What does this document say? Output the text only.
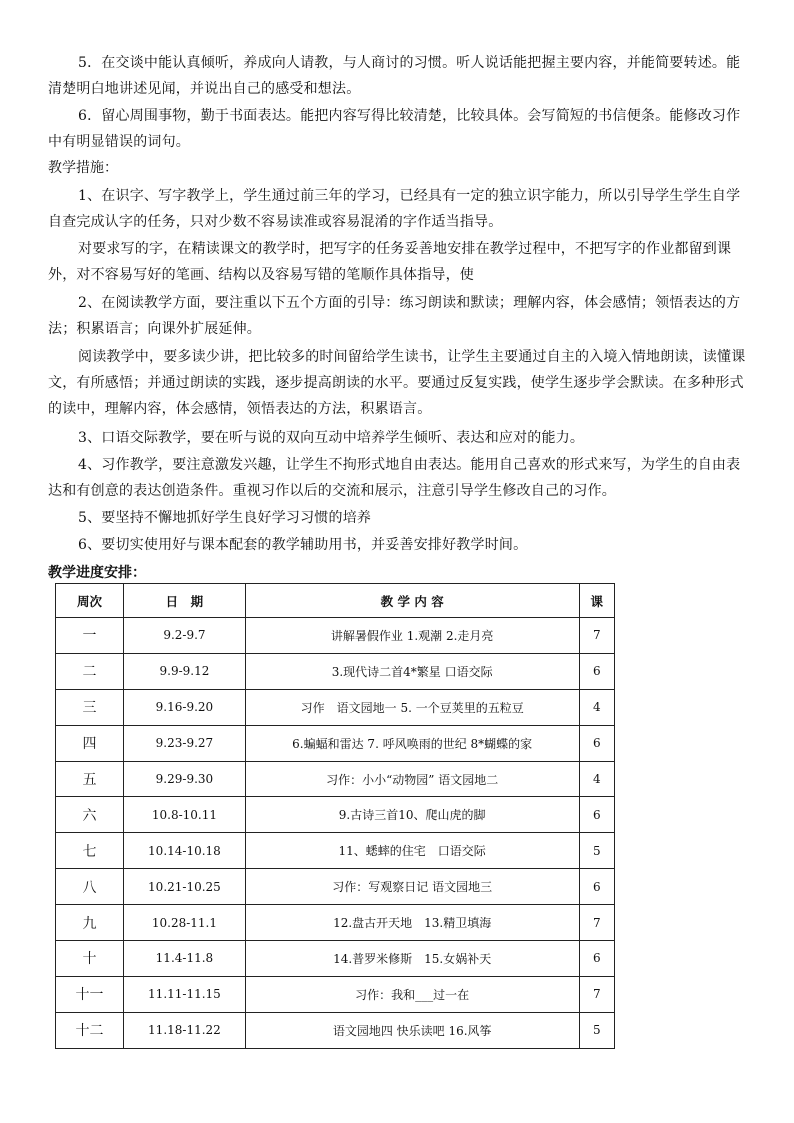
5．在交谈中能认真倾听，养成向人请教，与人商讨的习惯。听人说话能把握主要内容，并能简要转述。能清楚明白地讲述见闻，并说出自己的感受和想法。

6．留心周围事物，勤于书面表达。能把内容写得比较清楚，比较具体。会写简短的书信便条。能修改习作中有明显错误的词句。

教学措施：

1、在识字、写字教学上，学生通过前三年的学习，已经具有一定的独立识字能力，所以引导学生学生自学自查完成认字的任务，只对少数不容易读准或容易混淆的字作适当指导。

对要求写的字，在精读课文的教学时，把写字的任务妥善地安排在教学过程中，不把写字的作业都留到课外，对不容易写好的笔画、结构以及容易写错的笔顺作具体指导，使

2、在阅读教学方面，要注重以下五个方面的引导：练习朗读和默读；理解内容，体会感情；领悟表达的方法；积累语言；向课外扩展延伸。

阅读教学中，要多读少讲，把比较多的时间留给学生读书，让学生主要通过自主的入境入情地朗读，读懂课文，有所感悟；并通过朗读的实践，逐步提高朗读的水平。要通过反复实践，使学生逐步学会默读。在多种形式的读中，理解内容，体会感情，领悟表达的方法，积累语言。

3、口语交际教学，要在听与说的双向互动中培养学生倾听、表达和应对的能力。

4、习作教学，要注意激发兴趣，让学生不拘形式地自由表达。能用自己喜欢的形式来写，为学生的自由表达和有创意的表达创造条件。重视习作以后的交流和展示，注意引导学生修改自己的习作。

5、要坚持不懈地抓好学生良好学习习惯的培养

6、要切实使用好与课本配套的教学辅助用书，并妥善安排好教学时间。

教学进度安排：
周次	日　期	教 学 内 容	课
一	9.2-9.7	讲解暑假作业 1.观潮 2.走月亮	7
二	9.9-9.12	3.现代诗二首4*繁星 口语交际	6
三	9.16-9.20	习作　语文园地一 5. 一个豆荚里的五粒豆	4
四	9.23-9.27	6.蝙蝠和雷达 7. 呼风唤雨的世纪 8*蝴蝶的家	6
五	9.29-9.30	习作：小小“动物园” 语文园地二	4
六	10.8-10.11	9.古诗三首10、爬山虎的脚	6
七	10.14-10.18	11、蟋蟀的住宅　口语交际	5
八	10.21-10.25	习作：写观察日记 语文园地三	6
九	10.28-11.1	12.盘古开天地　13.精卫填海	7
十	11.4-11.8	14.普罗米修斯　15.女娲补天	6
十一	11.11-11.15	习作：我和___过一在	7
十二	11.18-11.22	语文园地四 快乐读吧 16.风筝	5
